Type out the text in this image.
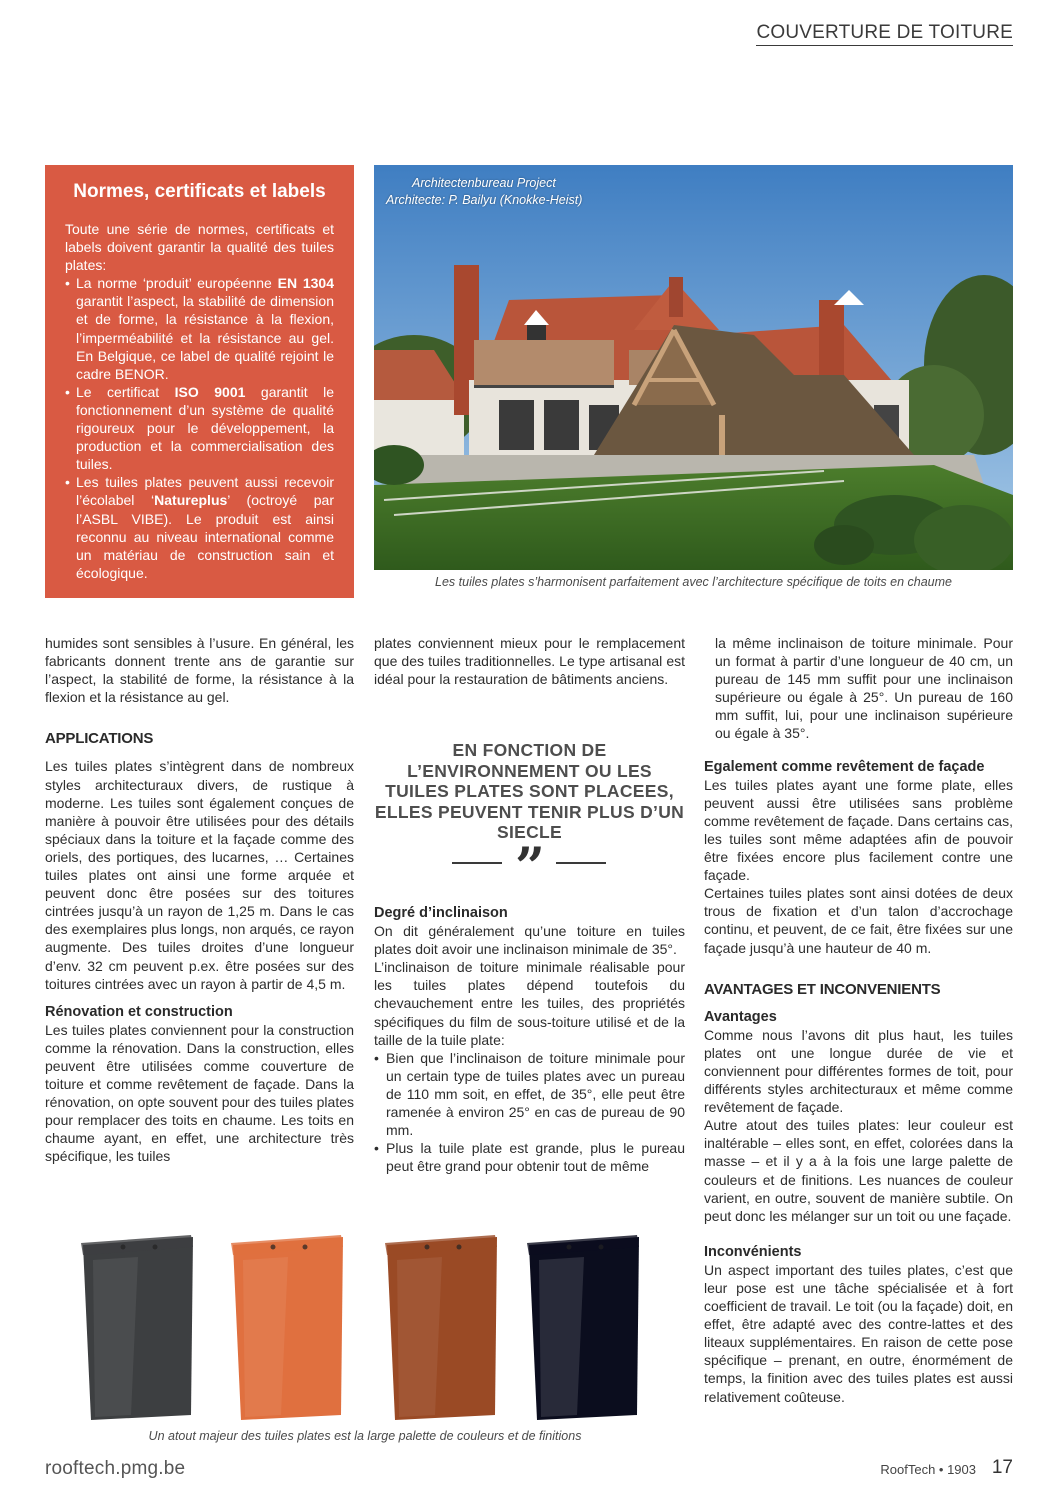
COUVERTURE DE TOITURE
Normes, certificats et labels

Toute une série de normes, certificats et labels doivent garantir la qualité des tuiles plates:

• La norme ‘produit’ européenne EN 1304 garantit l’aspect, la stabilité de dimension et de forme, la résistance à la flexion, l’imperméabilité et la résistance au gel. En Belgique, ce label de qualité rejoint le cadre BENOR.
• Le certificat ISO 9001 garantit le fonctionnement d’un système de qualité rigoureux pour le développement, la production et la commercialisation des tuiles.
• Les tuiles plates peuvent aussi recevoir l’écolabel ‘Natureplus’ (octroyé par l’ASBL VIBE). Le produit est ainsi reconnu au niveau international comme un matériau de construction sain et écologique.
Architectenbureau Project
Architecte: P. Bailyu (Knokke-Heist)
Les tuiles plates s’harmonisent parfaitement avec l’architecture spécifique de toits en chaume

humides sont sensibles à l’usure. En général, les fabricants donnent trente ans de garantie sur l’aspect, la stabilité de forme, la résistance à la flexion et la résistance au gel.

APPLICATIONS

Les tuiles plates s’intègrent dans de nombreux styles architecturaux divers, de rustique à moderne. Les tuiles sont également conçues de manière à pouvoir être utilisées pour des détails spéciaux dans la toiture et la façade comme des oriels, des portiques, des lucarnes, … Certaines tuiles plates ont ainsi une forme arquée et peuvent donc être posées sur des toitures cintrées jusqu’à un rayon de 1,25 m. Dans le cas des exemplaires plus longs, non arqués, ce rayon augmente. Des tuiles droites d’une longueur d’env. 32 cm peuvent p.ex. être posées sur des toitures cintrées avec un rayon à partir de 4,5 m.

Rénovation et construction

Les tuiles plates conviennent pour la construction comme la rénovation. Dans la construction, elles peuvent être utilisées comme couverture de toiture et comme revêtement de façade. Dans la rénovation, on opte souvent pour des tuiles plates pour remplacer des toits en chaume. Les toits en chaume ayant, en effet, une architecture très spécifique, les tuiles

plates conviennent mieux pour le remplacement que des tuiles traditionnelles. Le type artisanal est idéal pour la restauration de bâtiments anciens.

EN FONCTION DE L’ENVIRONNEMENT OU LES TUILES PLATES SONT PLACEES, ELLES PEUVENT TENIR PLUS D’UN SIECLE
”

Degré d’inclinaison

On dit généralement qu’une toiture en tuiles plates doit avoir une inclinaison minimale de 35°.

L’inclinaison de toiture minimale réalisable pour les tuiles plates dépend toutefois du chevauchement entre les tuiles, des propriétés spécifiques du film de sous-toiture utilisé et de la taille de la tuile plate:

• Bien que l’inclinaison de toiture minimale pour un certain type de tuiles plates avec un pureau de 110 mm soit, en effet, de 35°, elle peut être ramenée à environ 25° en cas de pureau de 90 mm.
• Plus la tuile plate est grande, plus le pureau peut être grand pour obtenir tout de même

la même inclinaison de toiture minimale. Pour un format à partir d’une longueur de 40 cm, un pureau de 145 mm suffit pour une inclinaison supérieure ou égale à 25°. Un pureau de 160 mm suffit, lui, pour une inclinaison supérieure ou égale à 35°.

Egalement comme revêtement de façade

Les tuiles plates ayant une forme plate, elles peuvent aussi être utilisées sans problème comme revêtement de façade. Dans certains cas, les tuiles sont même adaptées afin de pouvoir être fixées encore plus facilement contre une façade.

Certaines tuiles plates sont ainsi dotées de deux trous de fixation et d’un talon d’accrochage continu, et peuvent, de ce fait, être fixées sur une façade jusqu’à une hauteur de 40 m.

AVANTAGES ET INCONVENIENTS

Avantages

Comme nous l’avons dit plus haut, les tuiles plates ont une longue durée de vie et conviennent pour différentes formes de toit, pour différents styles architecturaux et même comme revêtement de façade.

Autre atout des tuiles plates: leur couleur est inaltérable – elles sont, en effet, colorées dans la masse – et il y a à la fois une large palette de couleurs et de finitions. Les nuances de couleur varient, en outre, souvent de manière subtile. On peut donc les mélanger sur un toit ou une façade.

Inconvénients

Un aspect important des tuiles plates, c’est que leur pose est une tâche spécialisée et à fort coefficient de travail. Le toit (ou la façade) doit, en effet, être adapté avec des contre-lattes et des liteaux supplémentaires. En raison de cette pose spécifique – prenant, en outre, énormément de temps, la finition avec des tuiles plates est aussi relativement coûteuse.

Un atout majeur des tuiles plates est la large palette de couleurs et de finitions
rooftech.pmg.be	RoofTech • 1903 17
